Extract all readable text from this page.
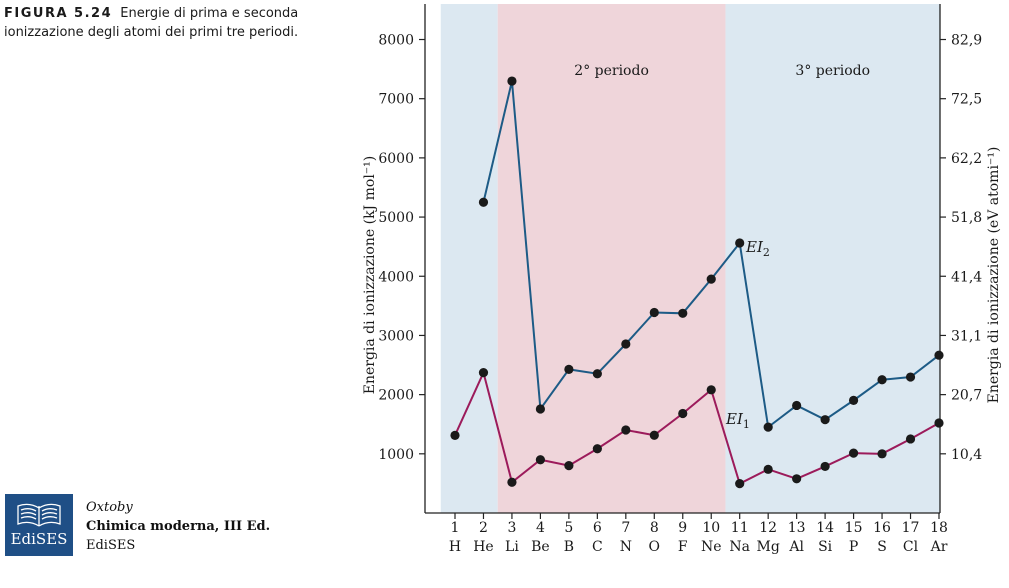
FIGURA 5.24 Energie di prima e seconda ionizzazione degli atomi dei primi tre periodi.
EdiSES
Oxtoby
Chimica moderna, III Ed.
EdiSES
2° periodo	3° periodo
1000	10,4
2000	20,7
3000	31,1
4000	41,4
5000	51,8
6000	62,2
7000	72,5
8000	82,9
1
H
2
He
3
Li
4
Be
5
B
6
C
7
N
8
O
9
F
10
Ne
11
Na
12
Mg
13
Al
14
Si
15
P
16
S
17
Cl
18
Ar
Energia di ionizzazione (kJ mol⁻¹)	Energia di ionizzazione (eV atomi⁻¹)
$EI_2$
$EI_1$
